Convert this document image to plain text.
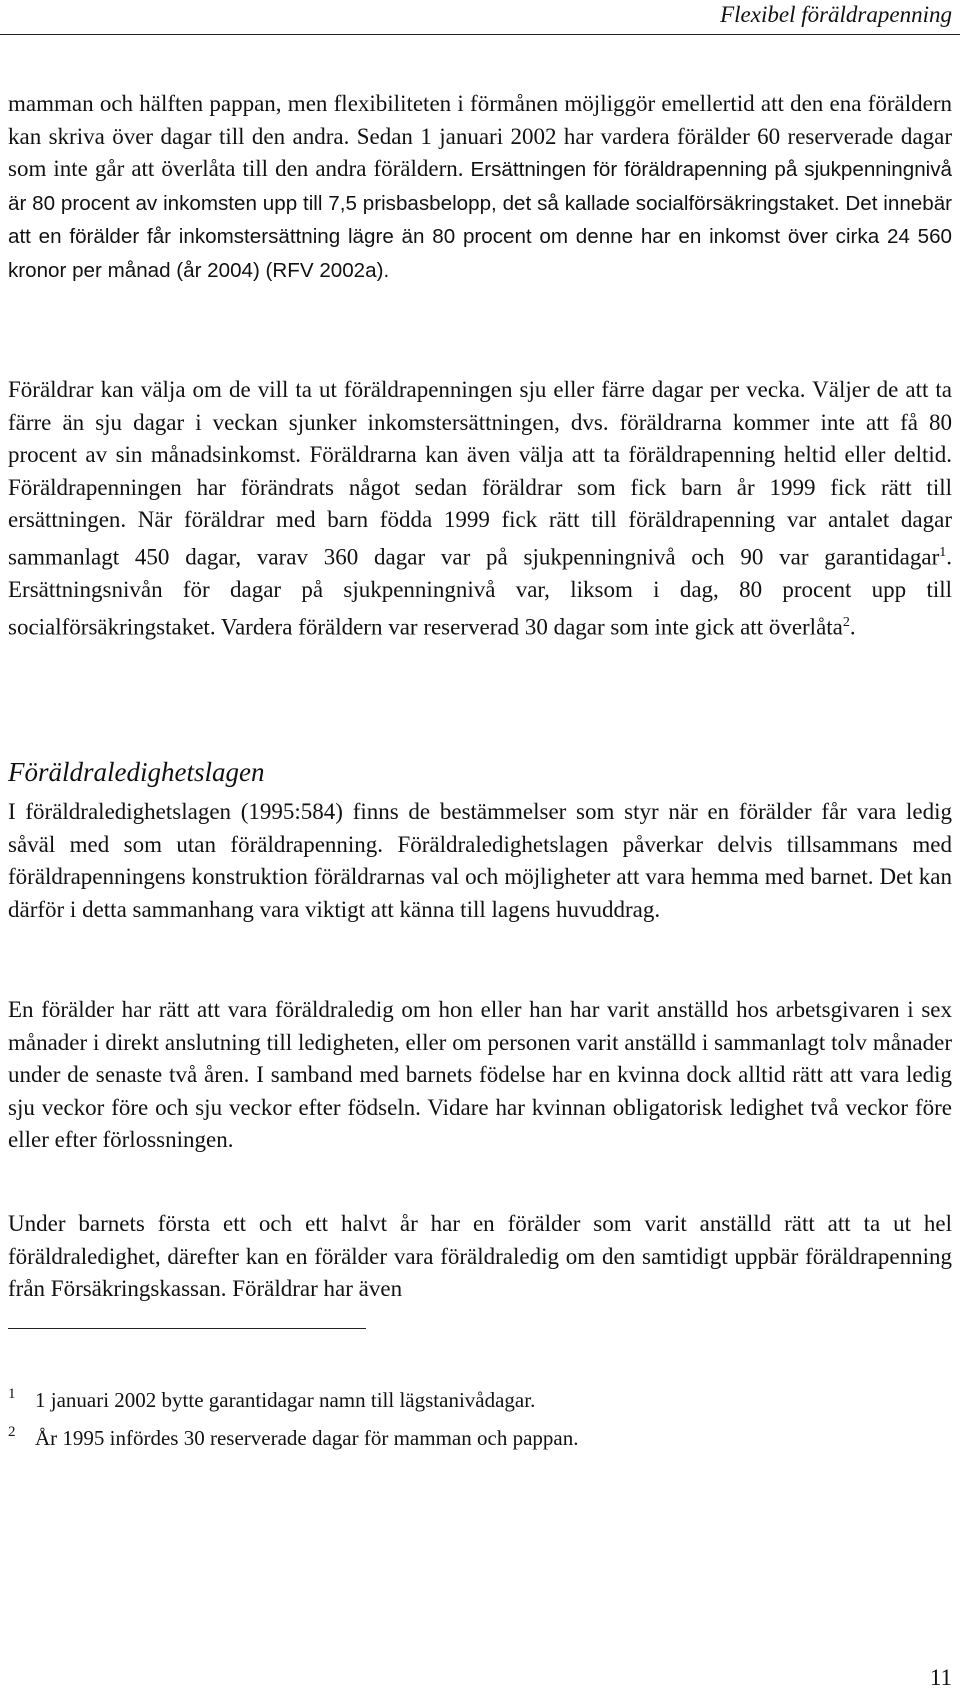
Flexibel föräldrapenning

mamman och hälften pappan, men flexibiliteten i förmånen möjliggör emellertid att den ena föräldern kan skriva över dagar till den andra. Sedan 1 januari 2002 har vardera förälder 60 reserverade dagar som inte går att överlåta till den andra föräldern. Ersättningen för föräldrapenning på sjukpenningnivå är 80 procent av inkomsten upp till 7,5 prisbasbelopp, det så kallade socialförsäkringstaket. Det innebär att en förälder får inkomstersättning lägre än 80 procent om denne har en inkomst över cirka 24 560 kronor per månad (år 2004) (RFV 2002a).

Föräldrar kan välja om de vill ta ut föräldrapenningen sju eller färre dagar per vecka. Väljer de att ta färre än sju dagar i veckan sjunker inkomstersättningen, dvs. föräldrarna kommer inte att få 80 procent av sin månadsinkomst. Föräldrarna kan även välja att ta föräldrapenning heltid eller deltid. Föräldrapenningen har förändrats något sedan föräldrar som fick barn år 1999 fick rätt till ersättningen. När föräldrar med barn födda 1999 fick rätt till föräldrapenning var antalet dagar sammanlagt 450 dagar, varav 360 dagar var på sjukpenningnivå och 90 var garantidagar$^1$. Ersättningsnivån för dagar på sjukpenningnivå var, liksom i dag, 80 procent upp till socialförsäkringstaket. Vardera föräldern var reserverad 30 dagar som inte gick att överlåta$^2$.

Föräldraledighetslagen

I föräldraledighetslagen (1995:584) finns de bestämmelser som styr när en förälder får vara ledig såväl med som utan föräldrapenning. Föräldraledighetslagen påverkar delvis tillsammans med föräldrapenningens konstruktion föräldrarnas val och möjligheter att vara hemma med barnet. Det kan därför i detta sammanhang vara viktigt att känna till lagens huvuddrag.

En förälder har rätt att vara föräldraledig om hon eller han har varit anställd hos arbetsgivaren i sex månader i direkt anslutning till ledigheten, eller om personen varit anställd i sammanlagt tolv månader under de senaste två åren. I samband med barnets födelse har en kvinna dock alltid rätt att vara ledig sju veckor före och sju veckor efter födseln. Vidare har kvinnan obligatorisk ledighet två veckor före eller efter förlossningen.

Under barnets första ett och ett halvt år har en förälder som varit anställd rätt att ta ut hel föräldraledighet, därefter kan en förälder vara föräldraledig om den samtidigt uppbär föräldrapenning från Försäkringskassan. Föräldrar har även

1 1 januari 2002 bytte garantidagar namn till lägstanivådagar.
2 År 1995 infördes 30 reserverade dagar för mamman och pappan.
11
